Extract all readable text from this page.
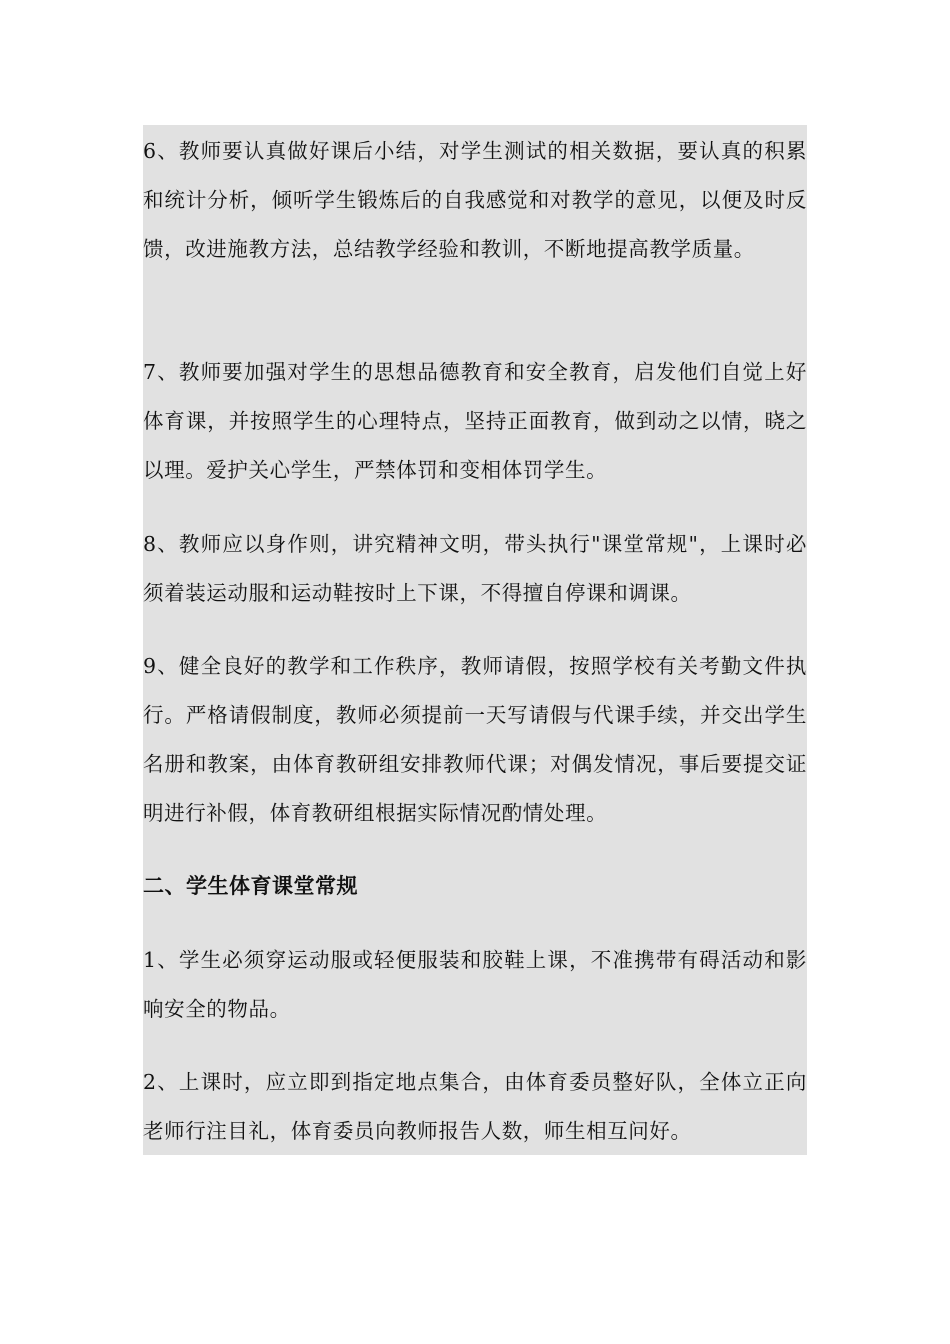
6、教师要认真做好课后小结，对学生测试的相关数据，要认真的积累和统计分析，倾听学生锻炼后的自我感觉和对教学的意见，以便及时反馈，改进施教方法，总结教学经验和教训，不断地提高教学质量。

7、教师要加强对学生的思想品德教育和安全教育，启发他们自觉上好体育课，并按照学生的心理特点，坚持正面教育，做到动之以情，晓之以理。爱护关心学生，严禁体罚和变相体罚学生。

8、教师应以身作则，讲究精神文明，带头执行"课堂常规"，上课时必须着装运动服和运动鞋按时上下课，不得擅自停课和调课。

9、健全良好的教学和工作秩序，教师请假，按照学校有关考勤文件执行。严格请假制度，教师必须提前一天写请假与代课手续，并交出学生名册和教案，由体育教研组安排教师代课；对偶发情况，事后要提交证明进行补假，体育教研组根据实际情况酌情处理。

二、学生体育课堂常规

1、学生必须穿运动服或轻便服装和胶鞋上课，不准携带有碍活动和影响安全的物品。

2、上课时，应立即到指定地点集合，由体育委员整好队，全体立正向老师行注目礼，体育委员向教师报告人数，师生相互问好。
